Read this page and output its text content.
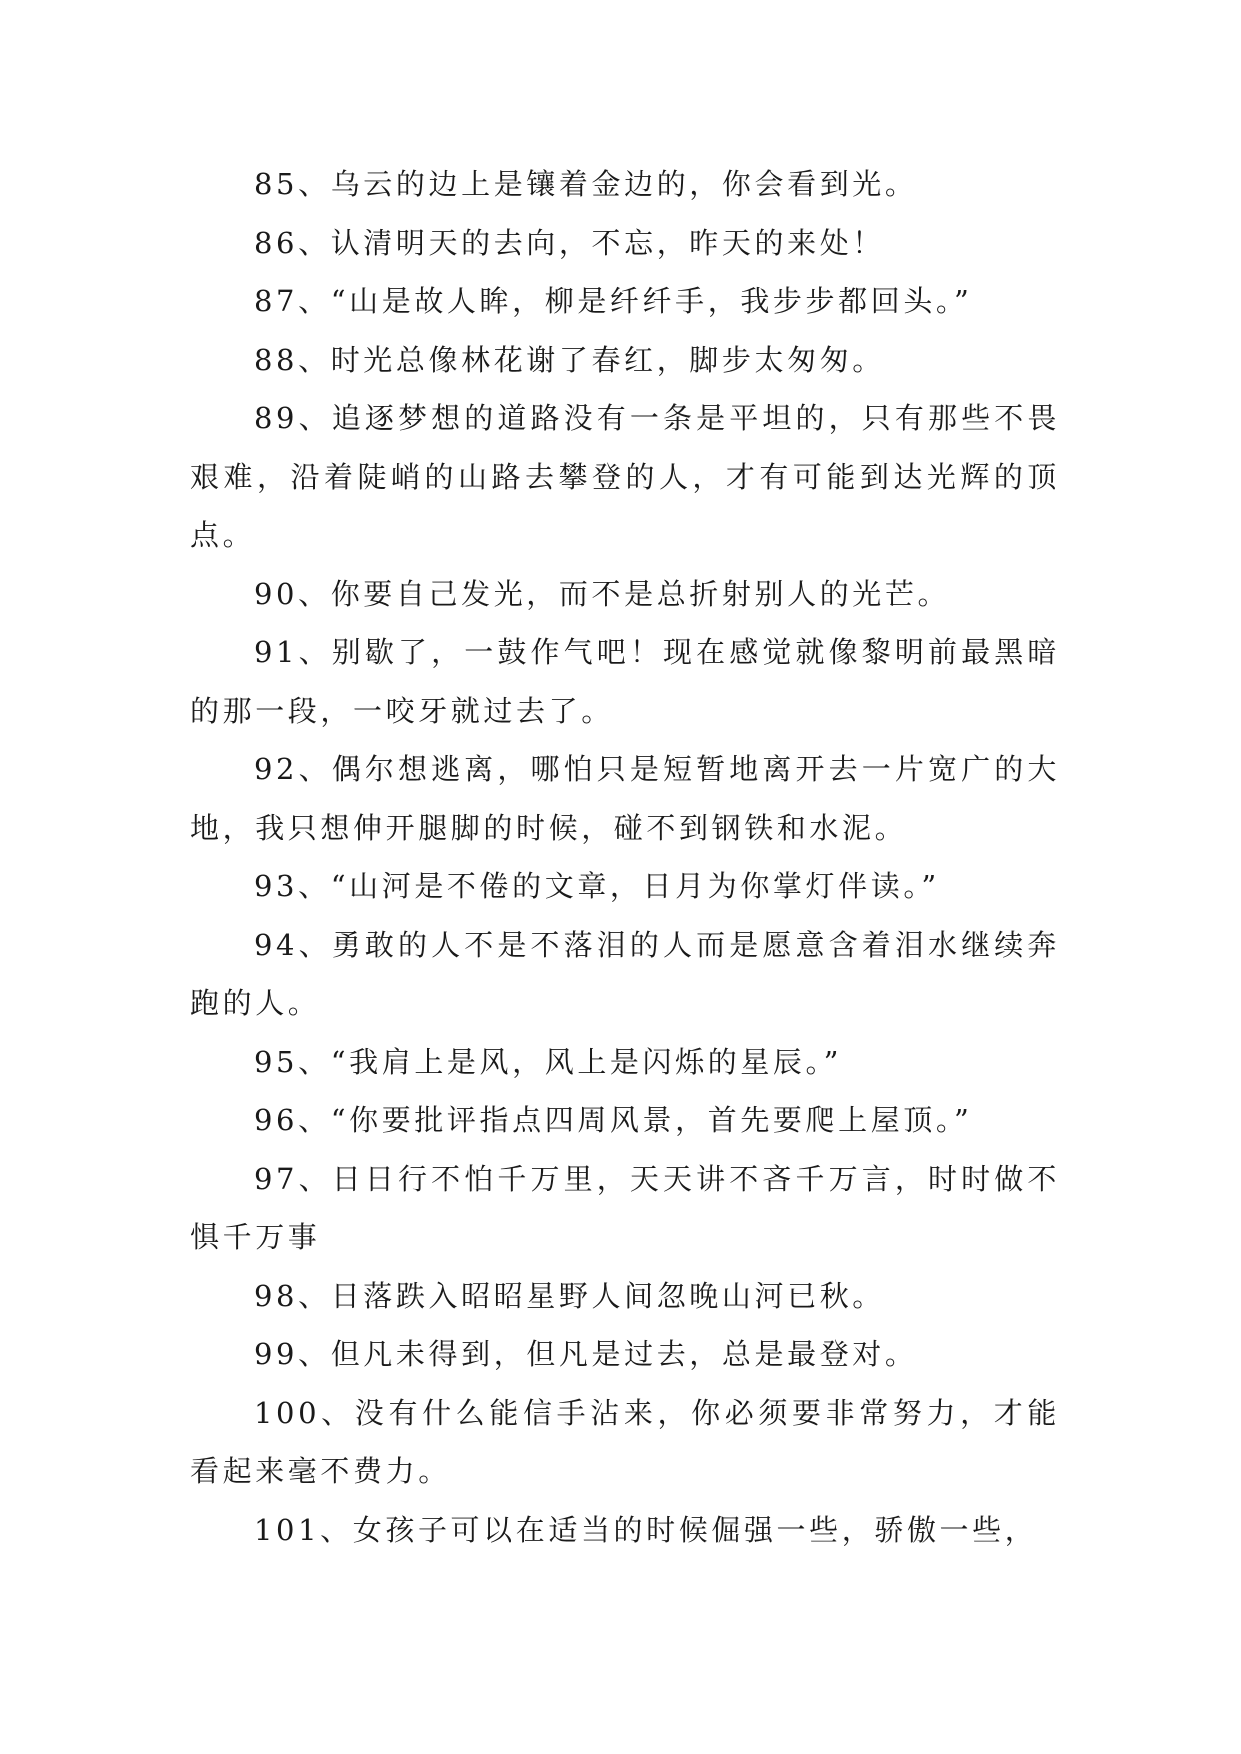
85、乌云的边上是镶着金边的，你会看到光。

86、认清明天的去向，不忘，昨天的来处！

87、“山是故人眸，柳是纤纤手，我步步都回头。”

88、时光总像林花谢了春红，脚步太匆匆。

89、追逐梦想的道路没有一条是平坦的，只有那些不畏艰难，沿着陡峭的山路去攀登的人，才有可能到达光辉的顶点。

90、你要自己发光，而不是总折射别人的光芒。

91、别歇了，一鼓作气吧！现在感觉就像黎明前最黑暗的那一段，一咬牙就过去了。

92、偶尔想逃离，哪怕只是短暂地离开去一片宽广的大地，我只想伸开腿脚的时候，碰不到钢铁和水泥。

93、“山河是不倦的文章，日月为你掌灯伴读。”

94、勇敢的人不是不落泪的人而是愿意含着泪水继续奔跑的人。

95、“我肩上是风，风上是闪烁的星辰。”

96、“你要批评指点四周风景，首先要爬上屋顶。”

97、日日行不怕千万里，天天讲不吝千万言，时时做不惧千万事

98、日落跌入昭昭星野人间忽晚山河已秋。

99、但凡未得到，但凡是过去，总是最登对。

100、没有什么能信手沾来，你必须要非常努力，才能看起来毫不费力。

101、女孩子可以在适当的时候倔强一些，骄傲一些，
